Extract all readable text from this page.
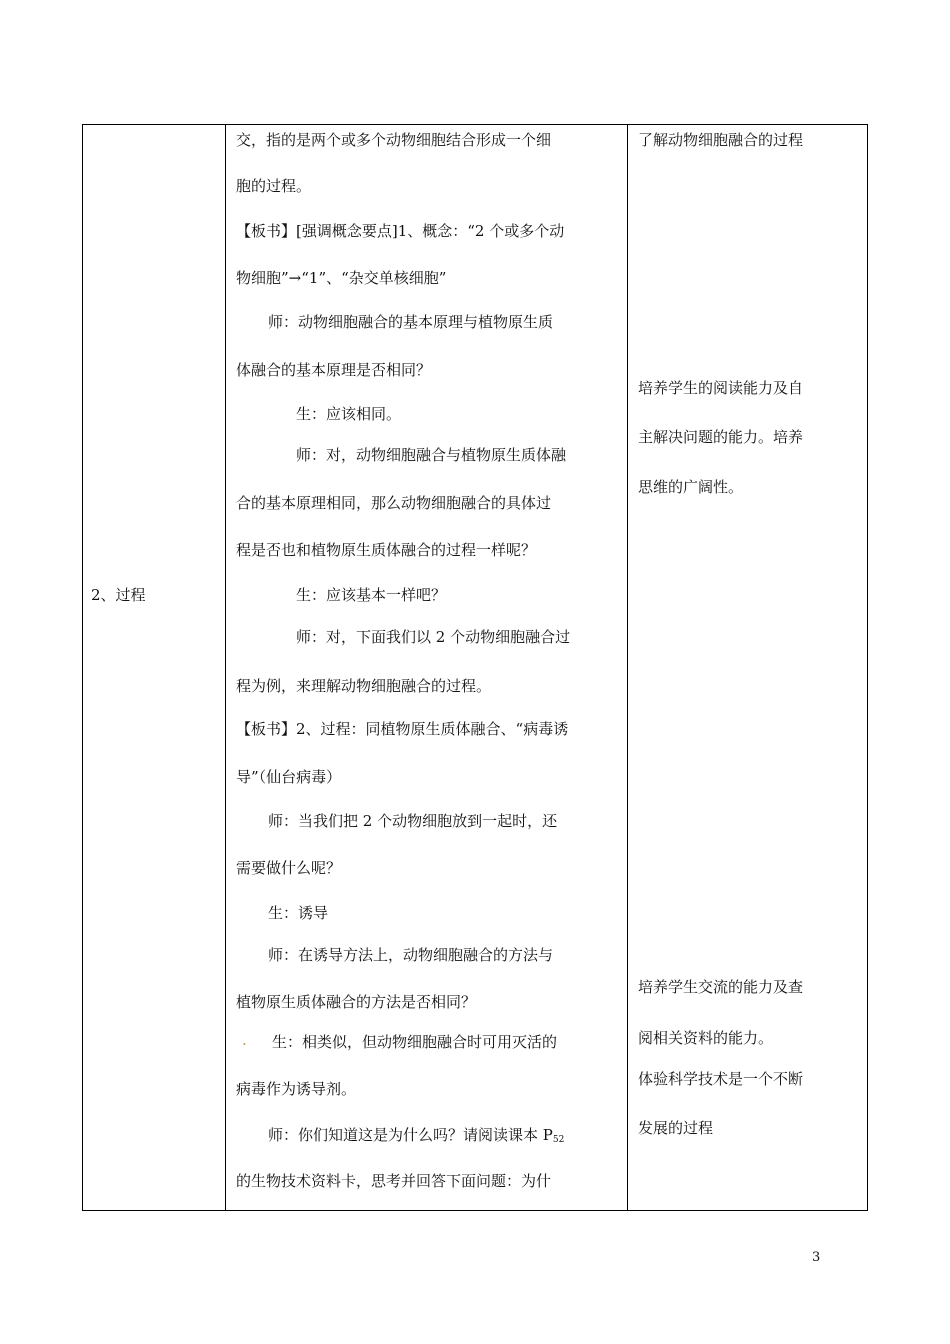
2、过程
交，指的是两个或多个动物细胞结合形成一个细
胞的过程。
【板书】[强调概念要点]1、概念：“2 个或多个动
物细胞”→“1”、“杂交单核细胞”
师：动物细胞融合的基本原理与植物原生质
体融合的基本原理是否相同？
生：应该相同。
师：对，动物细胞融合与植物原生质体融
合的基本原理相同，那么动物细胞融合的具体过
程是否也和植物原生质体融合的过程一样呢？
生：应该基本一样吧？
师：对，下面我们以 2 个动物细胞融合过
程为例，来理解动物细胞融合的过程。
【板书】2、过程：同植物原生质体融合、“病毒诱
导”（仙台病毒）
师：当我们把 2 个动物细胞放到一起时，还
需要做什么呢？
生：诱导
师：在诱导方法上，动物细胞融合的方法与
植物原生质体融合的方法是否相同？
. 生：相类似，但动物细胞融合时可用灭活的
病毒作为诱导剂。
师：你们知道这是为什么吗？请阅读课本 $P_{52}$
的生物技术资料卡，思考并回答下面问题：为什
了解动物细胞融合的过程
培养学生的阅读能力及自
主解决问题的能力。培养
思维的广阔性。
培养学生交流的能力及查
阅相关资料的能力。
体验科学技术是一个不断
发展的过程
3
